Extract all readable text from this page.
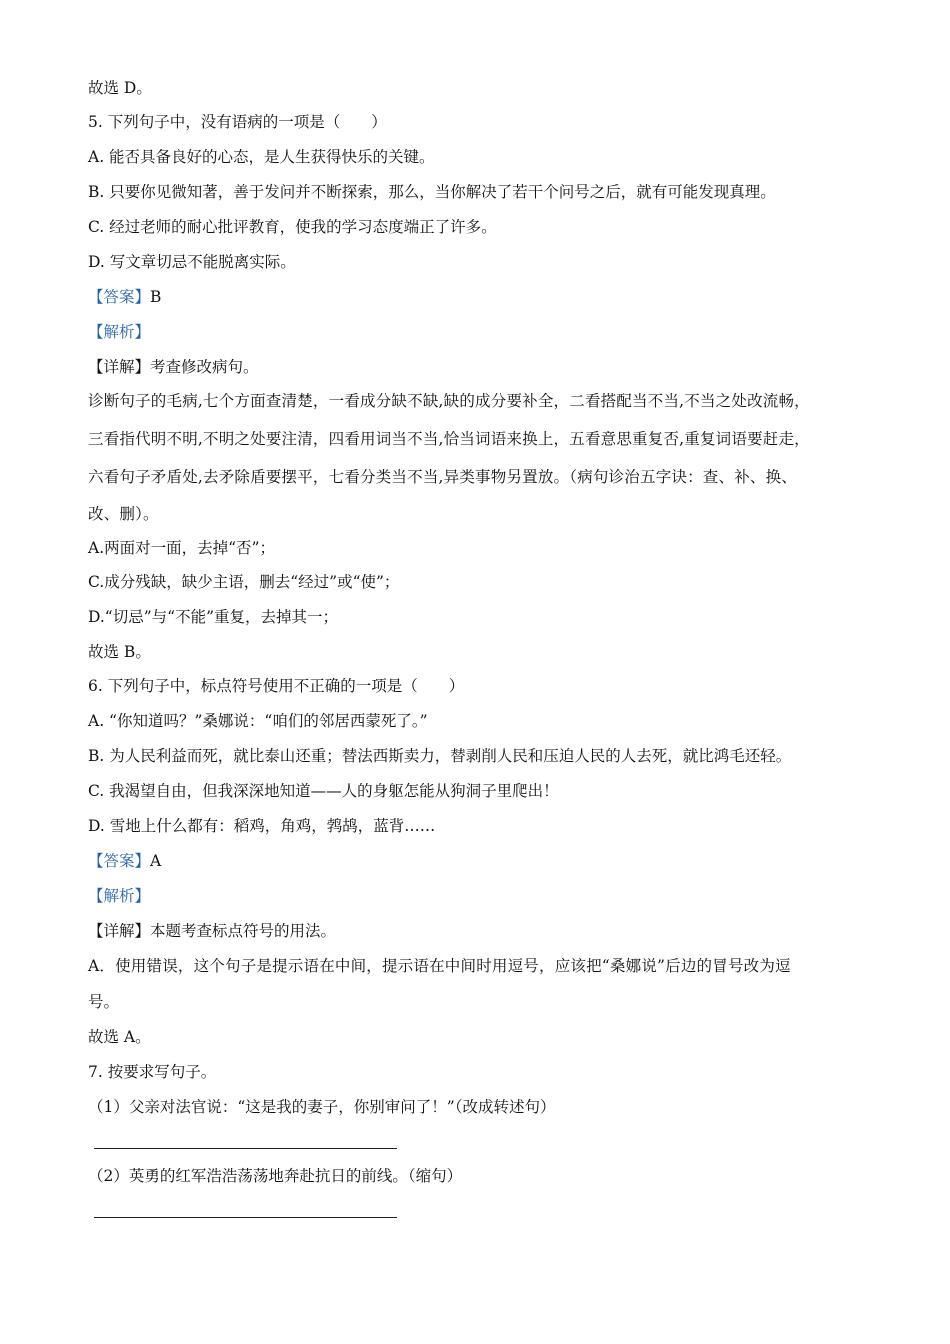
故选 D。
5. 下列句子中，没有语病的一项是（　　）
A. 能否具备良好的心态，是人生获得快乐的关键。
B. 只要你见微知著，善于发问并不断探索，那么，当你解决了若干个问号之后，就有可能发现真理。
C. 经过老师的耐心批评教育，使我的学习态度端正了许多。
D. 写文章切忌不能脱离实际。
【答案】B
【解析】
【详解】考查修改病句。
诊断句子的毛病,七个方面查清楚，一看成分缺不缺,缺的成分要补全，二看搭配当不当,不当之处改流畅，
三看指代明不明,不明之处要注清，四看用词当不当,恰当词语来换上，五看意思重复否,重复词语要赶走，
六看句子矛盾处,去矛除盾要摆平，七看分类当不当,异类事物另置放。（病句诊治五字诀：查、补、换、
改、删）。
A.两面对一面，去掉“否”；
C.成分残缺，缺少主语，删去“经过”或“使”；
D.“切忌”与“不能”重复，去掉其一；
故选 B。
6. 下列句子中，标点符号使用不正确的一项是（　　）
A. “你知道吗？”桑娜说：“咱们的邻居西蒙死了。”
B. 为人民利益而死，就比泰山还重；替法西斯卖力，替剥削人民和压迫人民的人去死，就比鸿毛还轻。
C. 我渴望自由，但我深深地知道——人的身躯怎能从狗洞子里爬出！
D. 雪地上什么都有：稻鸡，角鸡，鹁鸪，蓝背……
【答案】A
【解析】
【详解】本题考查标点符号的用法。
A．使用错误，这个句子是提示语在中间，提示语在中间时用逗号，应该把“桑娜说”后边的冒号改为逗
号。
故选 A。
7. 按要求写句子。
（1）父亲对法官说：“这是我的妻子，你别审问了！”（改成转述句）
（2）英勇的红军浩浩荡荡地奔赴抗日的前线。（缩句）
